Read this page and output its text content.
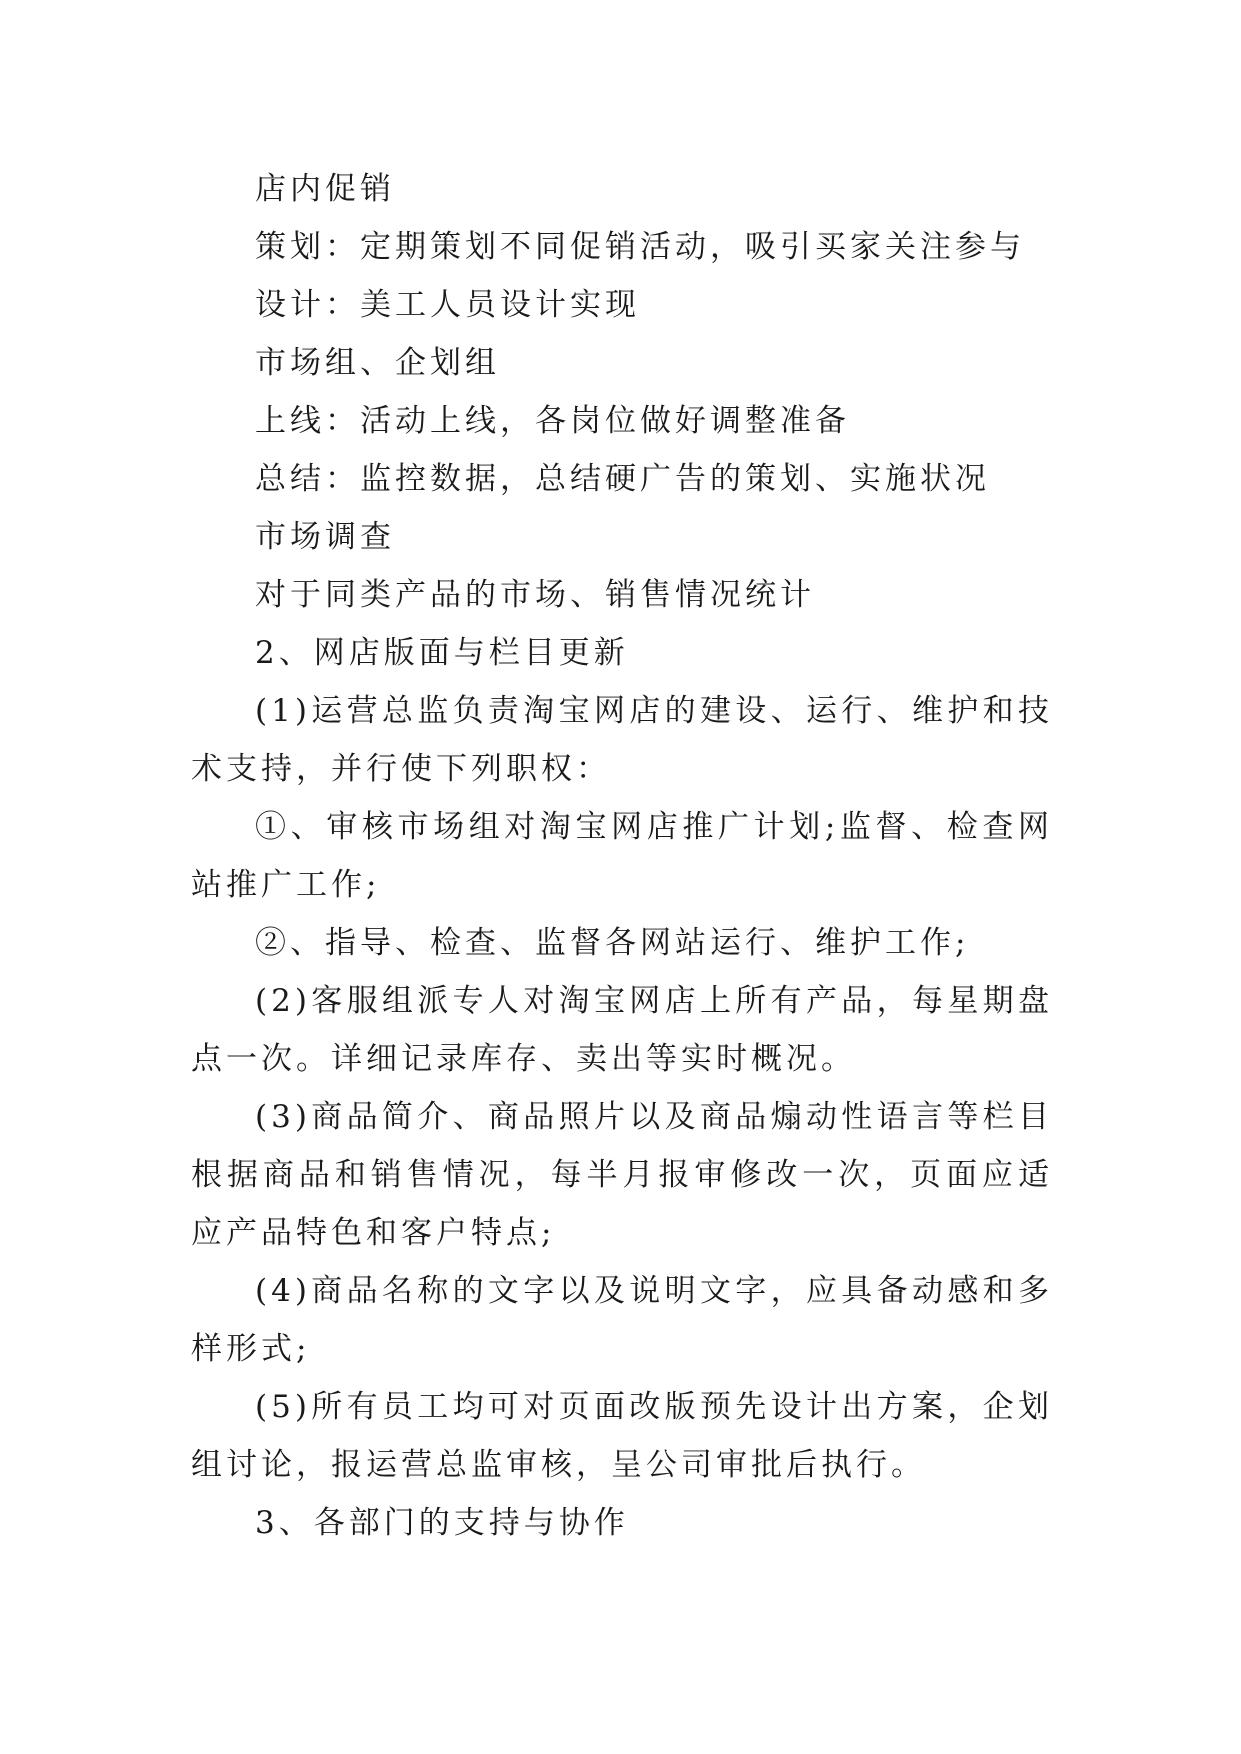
店内促销

策划：定期策划不同促销活动，吸引买家关注参与

设计：美工人员设计实现

市场组、企划组

上线：活动上线，各岗位做好调整准备

总结：监控数据，总结硬广告的策划、实施状况

市场调查

对于同类产品的市场、销售情况统计

2、网店版面与栏目更新

(1)运营总监负责淘宝网店的建设、运行、维护和技术支持，并行使下列职权：

①、审核市场组对淘宝网店推广计划;监督、检查网站推广工作;

②、指导、检查、监督各网站运行、维护工作;

(2)客服组派专人对淘宝网店上所有产品，每星期盘点一次。详细记录库存、卖出等实时概况。

(3)商品简介、商品照片以及商品煽动性语言等栏目根据商品和销售情况，每半月报审修改一次，页面应适应产品特色和客户特点;

(4)商品名称的文字以及说明文字，应具备动感和多样形式;

(5)所有员工均可对页面改版预先设计出方案，企划组讨论，报运营总监审核，呈公司审批后执行。

3、各部门的支持与协作
